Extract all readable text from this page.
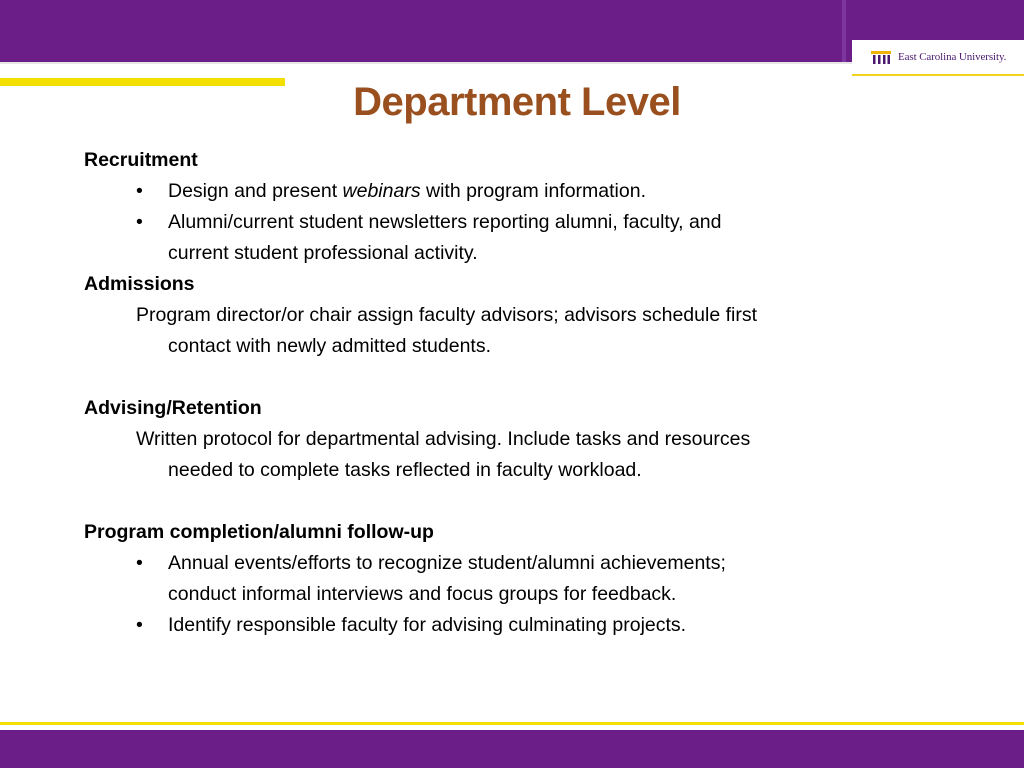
East Carolina University.
Department Level
Recruitment
• Design and present webinars with program information.
• Alumni/current student newsletters reporting alumni, faculty, and
current student professional activity.
Admissions
Program director/or chair assign faculty advisors; advisors schedule first
contact with newly admitted students.
Advising/Retention
Written protocol for departmental advising. Include tasks and resources
needed to complete tasks reflected in faculty workload.
Program completion/alumni follow-up
• Annual events/efforts to recognize student/alumni achievements;
conduct informal interviews and focus groups for feedback.
• Identify responsible faculty for advising culminating projects.
